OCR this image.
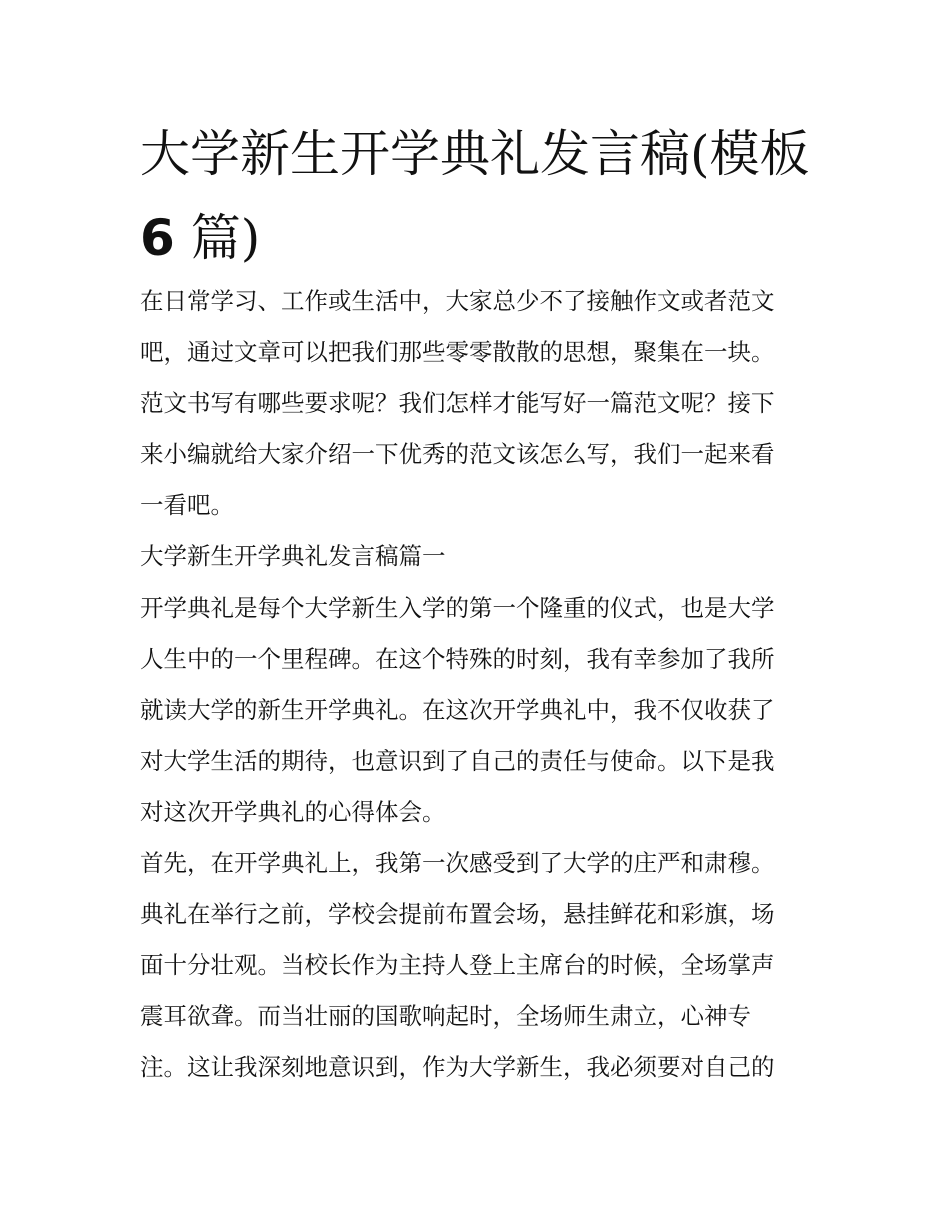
大学新生开学典礼发言稿(模板
6 篇)
在日常学习、工作或生活中，大家总少不了接触作文或者范文
吧，通过文章可以把我们那些零零散散的思想，聚集在一块。
范文书写有哪些要求呢？我们怎样才能写好一篇范文呢？接下
来小编就给大家介绍一下优秀的范文该怎么写，我们一起来看
一看吧。
大学新生开学典礼发言稿篇一
开学典礼是每个大学新生入学的第一个隆重的仪式，也是大学
人生中的一个里程碑。在这个特殊的时刻，我有幸参加了我所
就读大学的新生开学典礼。在这次开学典礼中，我不仅收获了
对大学生活的期待，也意识到了自己的责任与使命。以下是我
对这次开学典礼的心得体会。
首先，在开学典礼上，我第一次感受到了大学的庄严和肃穆。
典礼在举行之前，学校会提前布置会场，悬挂鲜花和彩旗，场
面十分壮观。当校长作为主持人登上主席台的时候，全场掌声
震耳欲聋。而当壮丽的国歌响起时，全场师生肃立，心神专
注。这让我深刻地意识到，作为大学新生，我必须要对自己的
